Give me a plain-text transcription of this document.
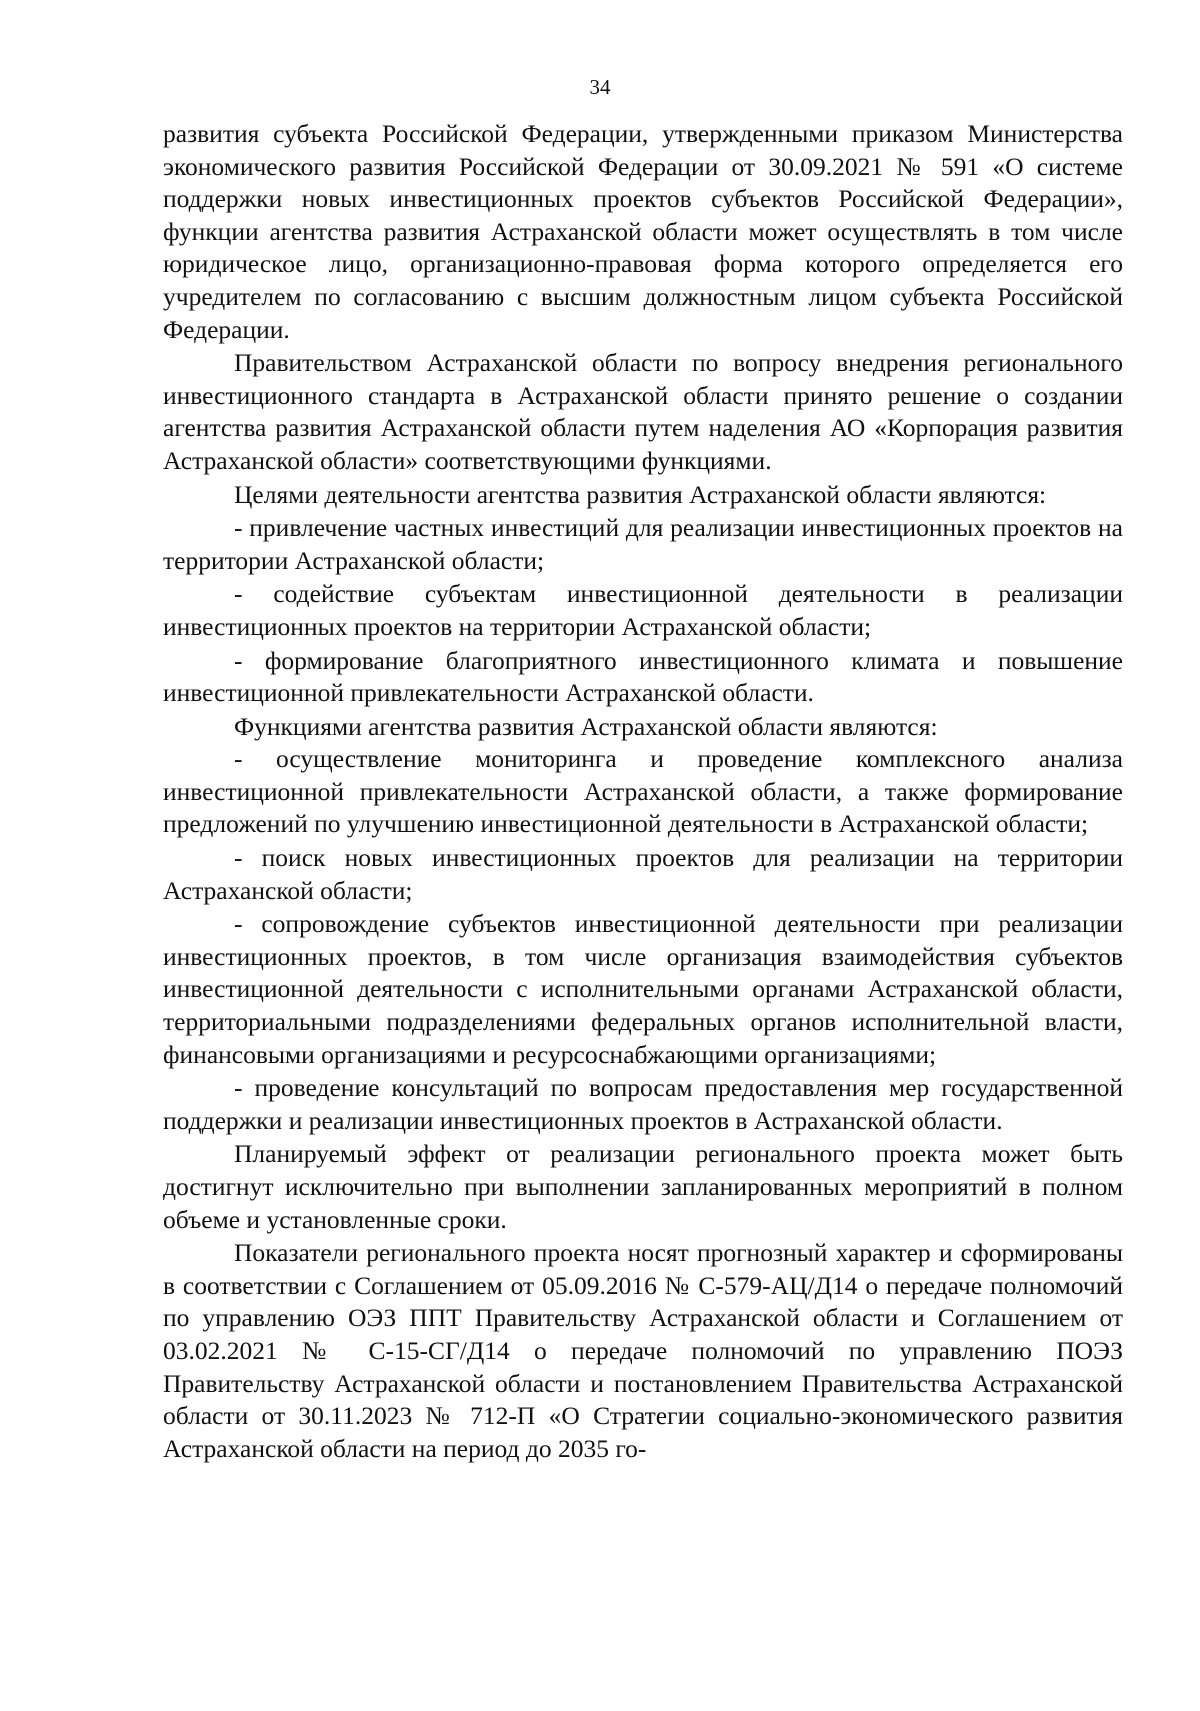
34

развития субъекта Российской Федерации, утвержденными приказом Министерства экономического развития Российской Федерации от 30.09.2021 № 591 «О системе поддержки новых инвестиционных проектов субъектов Российской Федерации», функции агентства развития Астраханской области может осуществлять в том числе юридическое лицо, организационно-правовая форма которого определяется его учредителем по согласованию с высшим должностным лицом субъекта Российской Федерации.

Правительством Астраханской области по вопросу внедрения регионального инвестиционного стандарта в Астраханской области принято решение о создании агентства развития Астраханской области путем наделения АО «Корпорация развития Астраханской области» соответствующими функциями.

Целями деятельности агентства развития Астраханской области являются:

- привлечение частных инвестиций для реализации инвестиционных проектов на территории Астраханской области;

- содействие субъектам инвестиционной деятельности в реализации инвестиционных проектов на территории Астраханской области;

- формирование благоприятного инвестиционного климата и повышение инвестиционной привлекательности Астраханской области.

Функциями агентства развития Астраханской области являются:

- осуществление мониторинга и проведение комплексного анализа инвестиционной привлекательности Астраханской области, а также формирование предложений по улучшению инвестиционной деятельности в Астраханской области;

- поиск новых инвестиционных проектов для реализации на территории Астраханской области;

- сопровождение субъектов инвестиционной деятельности при реализации инвестиционных проектов, в том числе организация взаимодействия субъектов инвестиционной деятельности с исполнительными органами Астраханской области, территориальными подразделениями федеральных органов исполнительной власти, финансовыми организациями и ресурсоснабжающими организациями;

- проведение консультаций по вопросам предоставления мер государственной поддержки и реализации инвестиционных проектов в Астраханской области.

Планируемый эффект от реализации регионального проекта может быть достигнут исключительно при выполнении запланированных мероприятий в полном объеме и установленные сроки.

Показатели регионального проекта носят прогнозный характер и сформированы в соответствии с Соглашением от 05.09.2016 № С-579-АЦ/Д14 о передаче полномочий по управлению ОЭЗ ППТ Правительству Астраханской области и Соглашением от 03.02.2021 № С-15-СГ/Д14 о передаче полномочий по управлению ПОЭЗ Правительству Астраханской области и постановлением Правительства Астраханской области от 30.11.2023 № 712-П «О Стратегии социально-экономического развития Астраханской области на период до 2035 го-
